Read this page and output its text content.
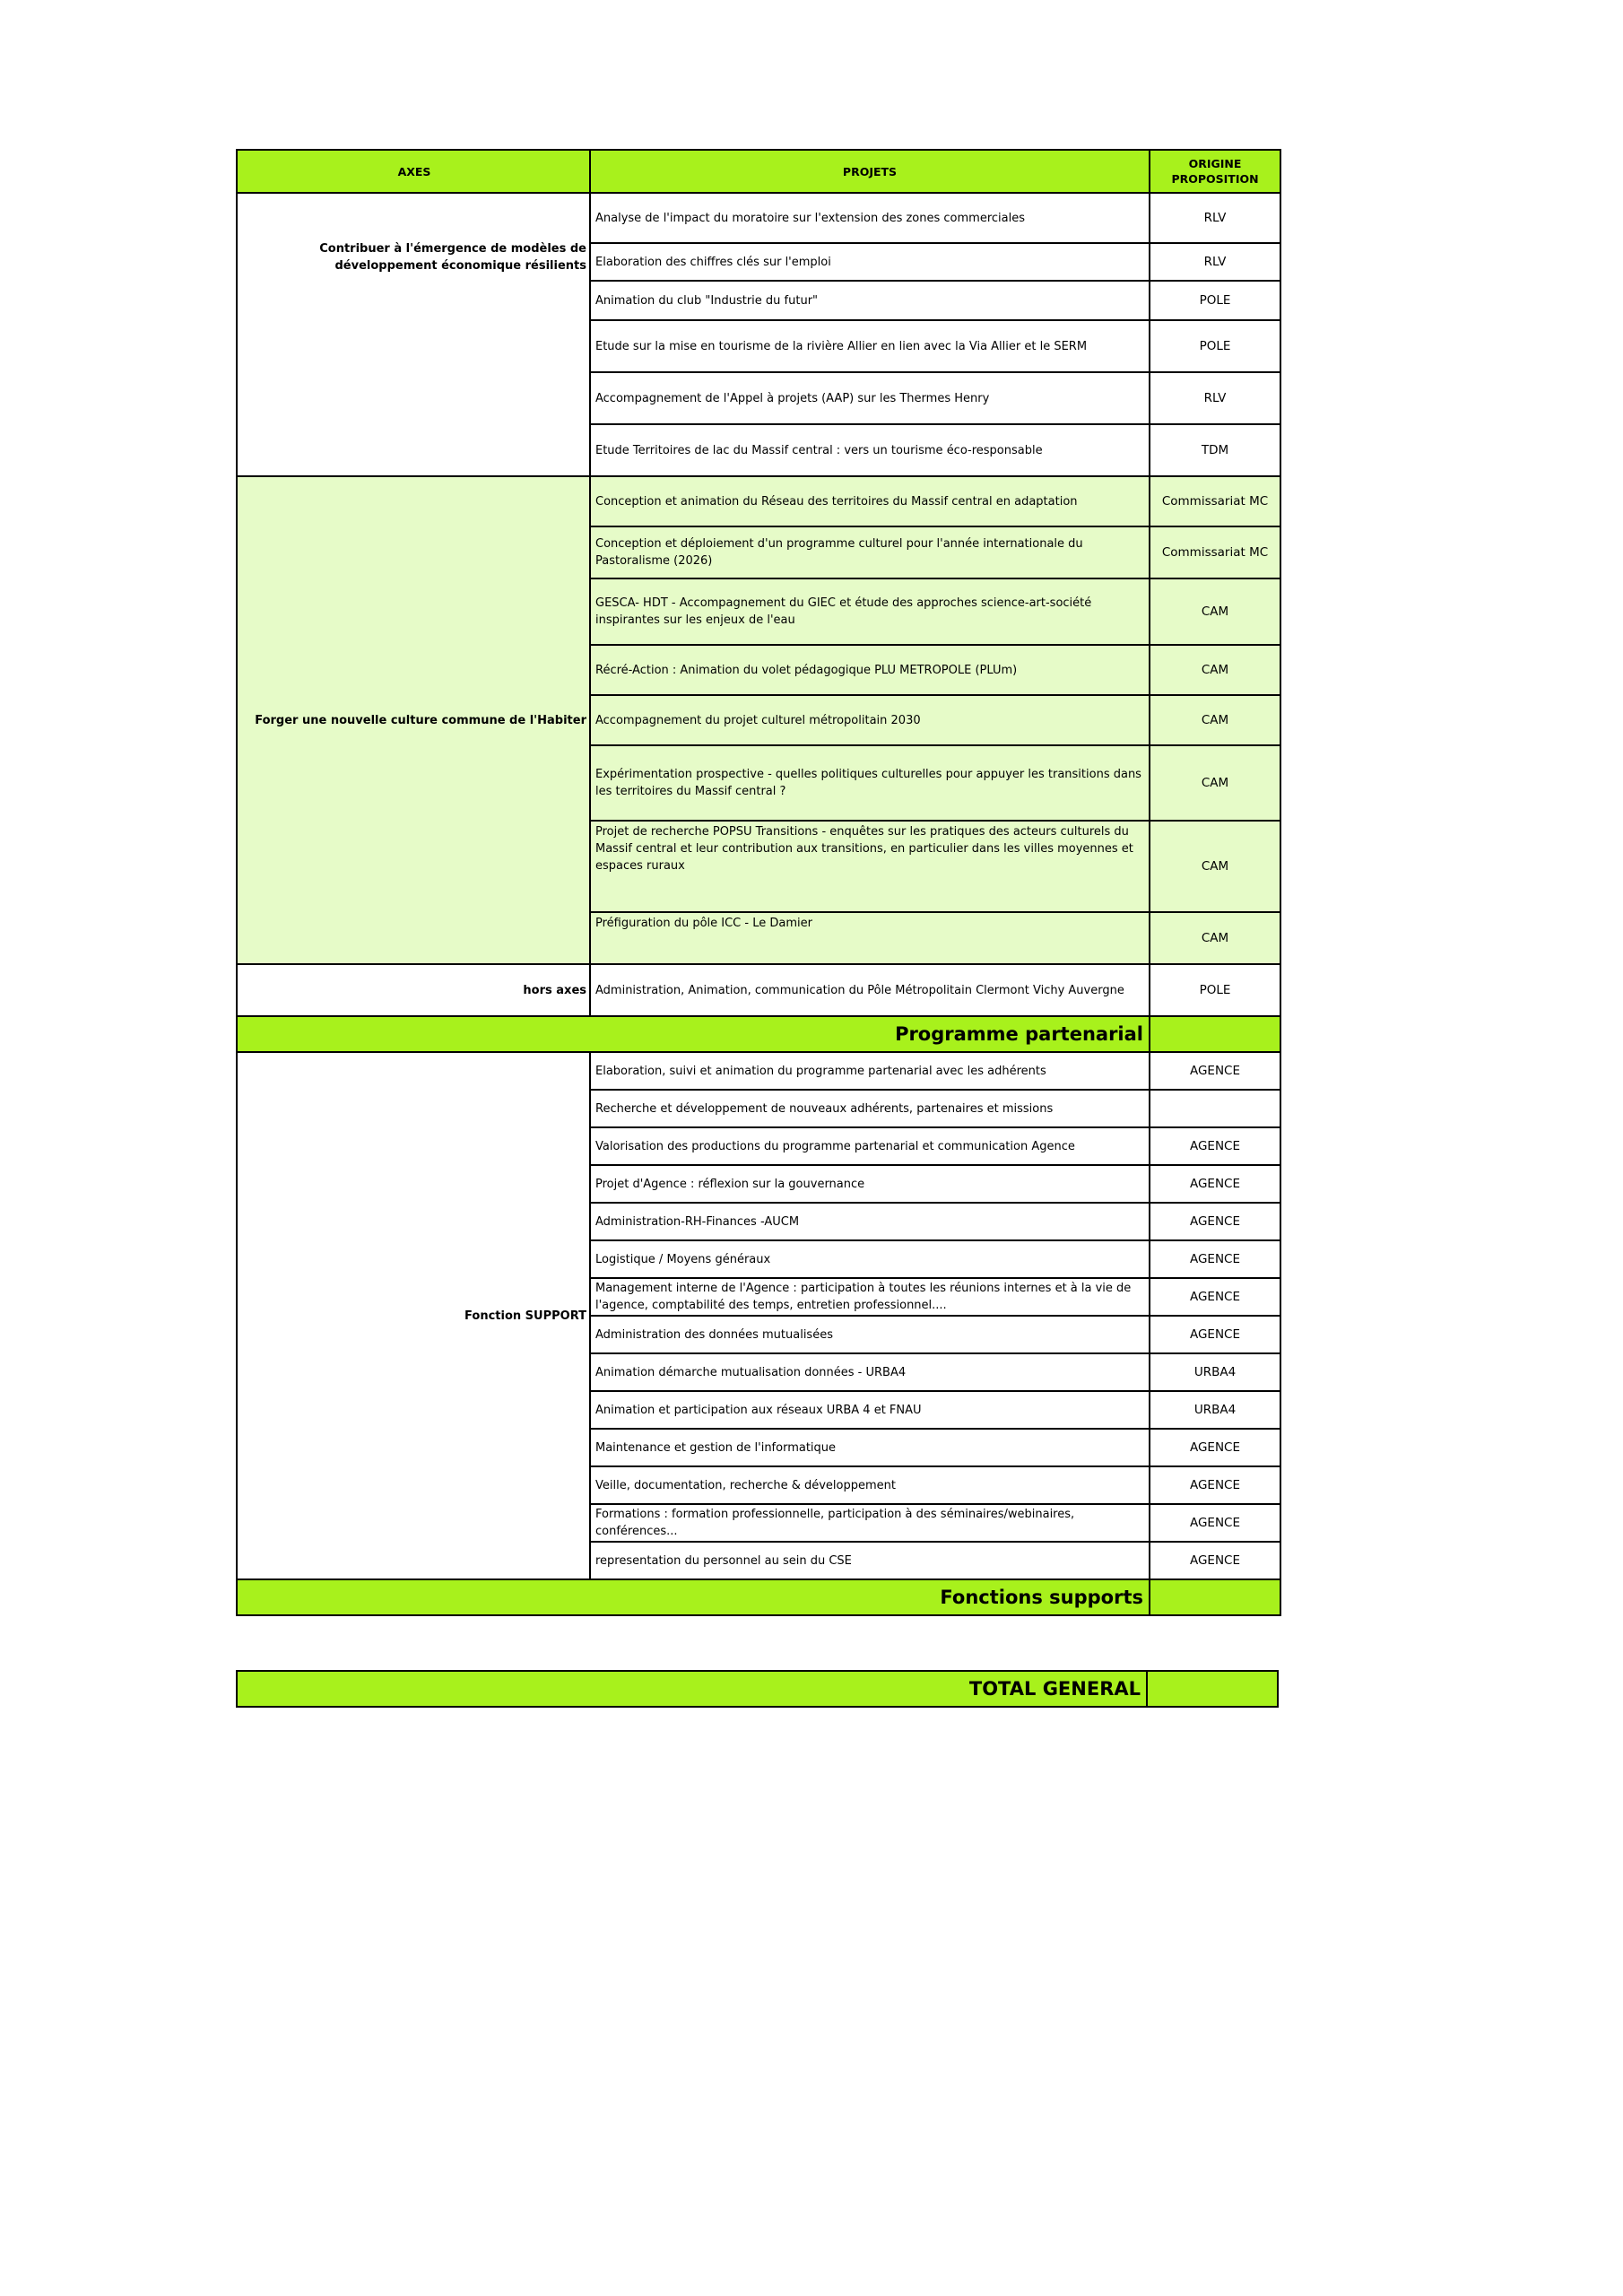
AXES	PROJETS	ORIGINE PROPOSITION
Contribuer à l'émergence de modèles de développement économique résilients	Analyse de l'impact du moratoire sur l'extension des zones commerciales	RLV
	Elaboration des chiffres clés sur l'emploi	RLV
	Animation du club "Industrie du futur"	POLE
	Etude sur la mise en tourisme de la rivière Allier en lien avec la Via Allier et le SERM	POLE
	Accompagnement de l'Appel à projets (AAP) sur les Thermes Henry	RLV
	Etude Territoires de lac du Massif central : vers un tourisme éco-responsable	TDM
Forger une nouvelle culture commune de l'Habiter	Conception et animation du Réseau des territoires du Massif central en adaptation	Commissariat MC
	Conception et déploiement d'un programme culturel pour l'année internationale du Pastoralisme (2026)	Commissariat MC
	GESCA- HDT - Accompagnement du GIEC et étude des approches science-art-société inspirantes sur les enjeux de l'eau	CAM
	Récré-Action : Animation du volet pédagogique PLU METROPOLE (PLUm)	CAM
	Accompagnement du projet culturel métropolitain 2030	CAM
	Expérimentation prospective - quelles politiques culturelles pour appuyer les transitions dans les territoires du Massif central ?	CAM
	Projet de recherche POPSU Transitions - enquêtes sur les pratiques des acteurs culturels du Massif central et leur contribution aux transitions, en particulier dans les villes moyennes et espaces ruraux	CAM
	Préfiguration du pôle ICC - Le Damier	CAM
hors axes	Administration, Animation, communication du Pôle Métropolitain Clermont Vichy Auvergne	POLE
Programme partenarial		
Fonction SUPPORT	Elaboration, suivi et animation du programme partenarial avec les adhérents	AGENCE
	Recherche et développement de nouveaux adhérents, partenaires et missions	
	Valorisation des productions du programme partenarial et communication Agence	AGENCE
	Projet d'Agence : réflexion sur la gouvernance	AGENCE
	Administration-RH-Finances -AUCM	AGENCE
	Logistique / Moyens généraux	AGENCE
	Management interne de l'Agence : participation à toutes les réunions internes et à la vie de l'agence, comptabilité des temps, entretien professionnel....	AGENCE
	Administration des données mutualisées	AGENCE
	Animation démarche mutualisation données - URBA4	URBA4
	Animation et participation aux réseaux URBA 4 et FNAU	URBA4
	Maintenance et gestion de l'informatique	AGENCE
	Veille, documentation, recherche & développement	AGENCE
	Formations : formation professionnelle, participation à des séminaires/webinaires, conférences...	AGENCE
	representation du personnel au sein du CSE	AGENCE
Fonctions supports		
TOTAL GENERAL	
